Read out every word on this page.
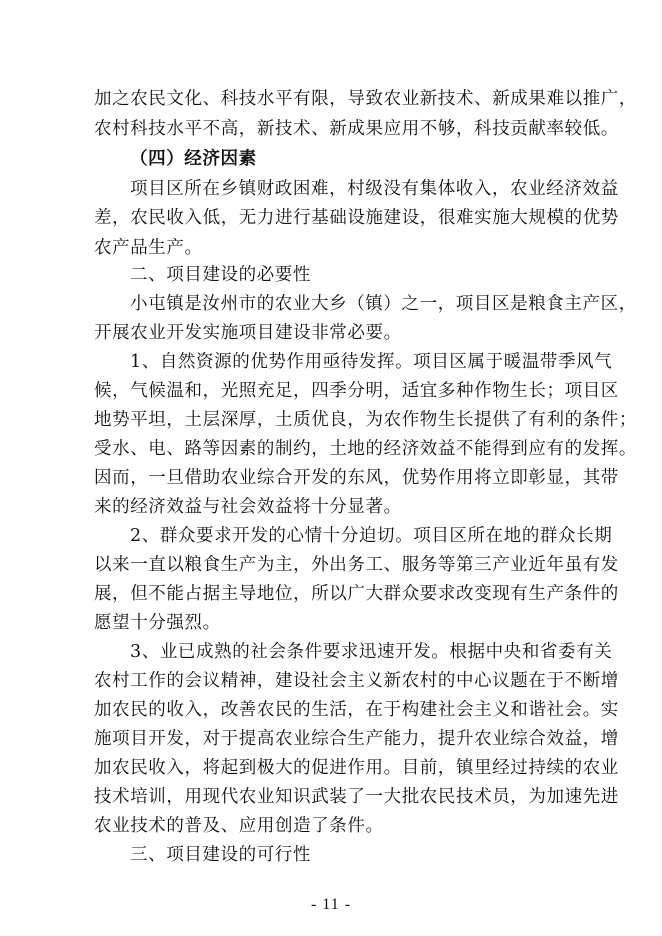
加之农民文化、科技水平有限，导致农业新技术、新成果难以推广，
农村科技水平不高，新技术、新成果应用不够，科技贡献率较低。
（四）经济因素
项目区所在乡镇财政困难，村级没有集体收入，农业经济效益
差，农民收入低，无力进行基础设施建设，很难实施大规模的优势
农产品生产。
二、项目建设的必要性
小屯镇是汝州市的农业大乡（镇）之一，项目区是粮食主产区，
开展农业开发实施项目建设非常必要。
1、自然资源的优势作用亟待发挥。项目区属于暖温带季风气
候，气候温和，光照充足，四季分明，适宜多种作物生长；项目区
地势平坦，土层深厚，土质优良，为农作物生长提供了有利的条件；
受水、电、路等因素的制约，土地的经济效益不能得到应有的发挥。
因而，一旦借助农业综合开发的东风，优势作用将立即彰显，其带
来的经济效益与社会效益将十分显著。
2、群众要求开发的心情十分迫切。项目区所在地的群众长期
以来一直以粮食生产为主，外出务工、服务等第三产业近年虽有发
展，但不能占据主导地位，所以广大群众要求改变现有生产条件的
愿望十分强烈。
3、业已成熟的社会条件要求迅速开发。根据中央和省委有关
农村工作的会议精神，建设社会主义新农村的中心议题在于不断增
加农民的收入，改善农民的生活，在于构建社会主义和谐社会。实
施项目开发，对于提高农业综合生产能力，提升农业综合效益，增
加农民收入，将起到极大的促进作用。目前，镇里经过持续的农业
技术培训，用现代农业知识武装了一大批农民技术员，为加速先进
农业技术的普及、应用创造了条件。
三、项目建设的可行性
- 11 -
